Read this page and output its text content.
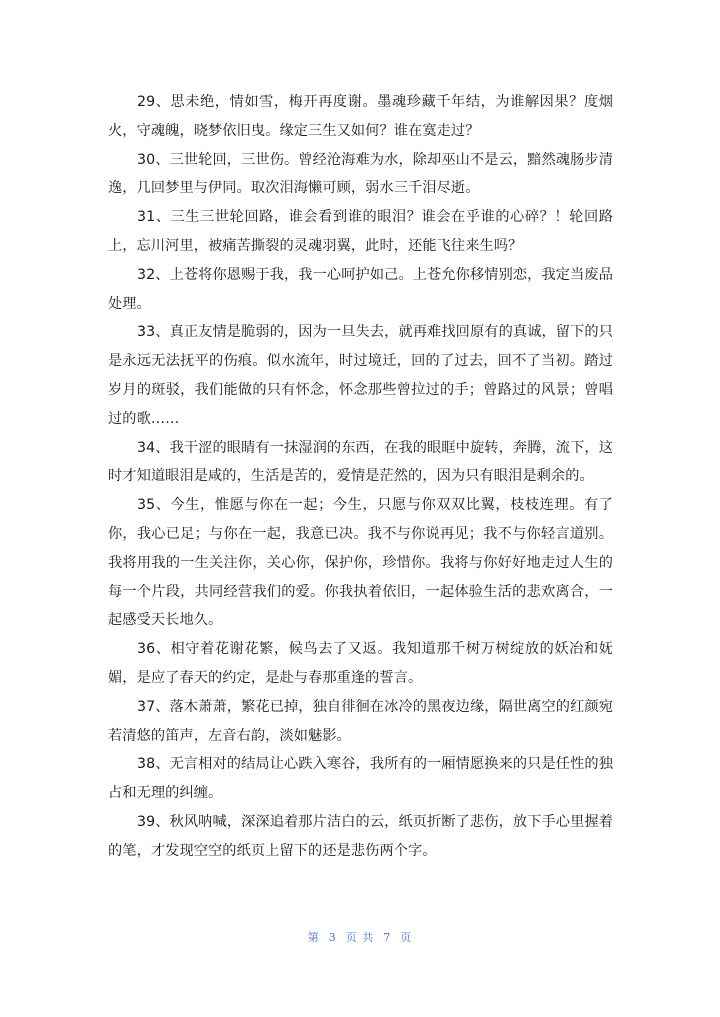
29、思未绝，情如雪，梅开再度谢。墨魂珍藏千年结，为谁解因果？度烟火，守魂魄，晓梦依旧曳。缘定三生又如何？谁在寞走过？

30、三世轮回，三世伤。曾经沧海难为水，除却巫山不是云，黯然魂肠步清逸，几回梦里与伊同。取次泪海懒可顾，弱水三千泪尽逝。

31、三生三世轮回路，谁会看到谁的眼泪？谁会在乎谁的心碎？！轮回路上，忘川河里，被痛苦撕裂的灵魂羽翼，此时，还能飞往来生吗？

32、上苍将你恩赐于我，我一心呵护如己。上苍允你移情别恋，我定当废品处理。

33、真正友情是脆弱的，因为一旦失去，就再难找回原有的真诚，留下的只是永远无法抚平的伤痕。似水流年，时过境迁，回的了过去，回不了当初。踏过岁月的斑驳，我们能做的只有怀念，怀念那些曾拉过的手；曾路过的风景；曾唱过的歌……

34、我干涩的眼睛有一抹湿润的东西，在我的眼眶中旋转，奔腾，流下，这时才知道眼泪是咸的，生活是苦的，爱情是茫然的，因为只有眼泪是剩余的。

35、今生，惟愿与你在一起；今生，只愿与你双双比翼，枝枝连理。有了你，我心已足；与你在一起，我意已决。我不与你说再见；我不与你轻言道别。我将用我的一生关注你，关心你，保护你，珍惜你。我将与你好好地走过人生的每一个片段，共同经营我们的爱。你我执着依旧，一起体验生活的悲欢离合，一起感受天长地久。

36、相守着花谢花繁，候鸟去了又返。我知道那千树万树绽放的妖冶和妩媚，是应了春天的约定，是赴与春那重逢的誓言。

37、落木萧萧，繁花已掉，独自徘徊在冰冷的黑夜边缘，隔世离空的红颜宛若清悠的笛声，左音右韵，淡如魅影。

38、无言相对的结局让心跌入寒谷，我所有的一厢情愿换来的只是任性的独占和无理的纠缠。

39、秋风呐喊，深深追着那片洁白的云，纸页折断了悲伤，放下手心里握着的笔，才发现空空的纸页上留下的还是悲伤两个字。

第  3  页 共  7  页
